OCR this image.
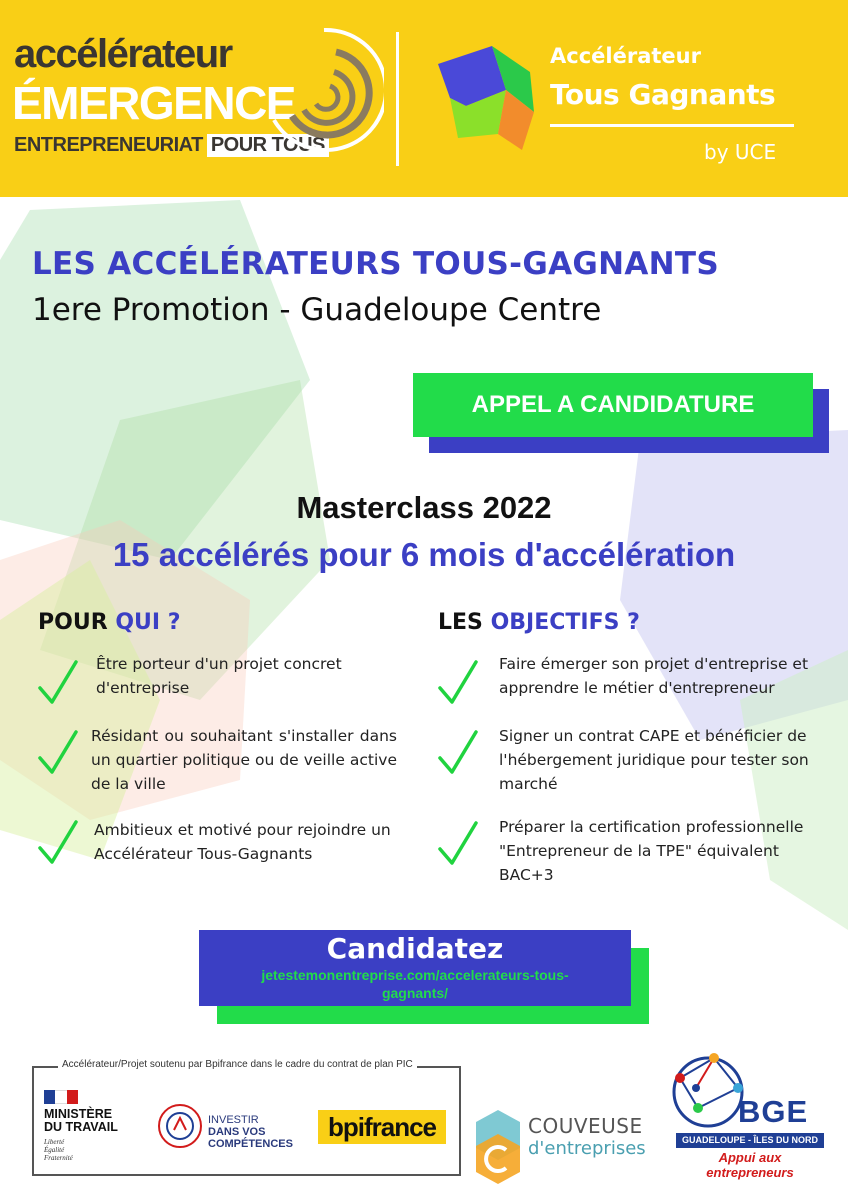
accélérateur
ÉMERGENCE
ENTREPRENEURIAT POUR TOUS
Accélérateur
Tous Gagnants
by UCE
LES ACCÉLÉRATEURS TOUS-GAGNANTS
1ere Promotion - Guadeloupe Centre
APPEL A CANDIDATURE
Masterclass 2022
15 accélérés pour 6 mois d'accélération
POUR QUI ?
Être porteur d'un projet concret d'entreprise
Résidant ou souhaitant s'installer dans un quartier politique ou de veille active de la ville
Ambitieux et motivé pour rejoindre un Accélérateur Tous-Gagnants
LES OBJECTIFS ?
Faire émerger son projet d'entreprise et apprendre le métier d'entrepreneur
Signer un contrat CAPE et bénéficier de l'hébergement juridique pour tester son marché
Préparer la certification professionnelle "Entrepreneur de la TPE" équivalent BAC+3
Candidatez
jetestemonentreprise.com/accelerateurs-tous-gagnants/
Accélérateur/Projet soutenu par Bpifrance dans le cadre du contrat de plan PIC
MINISTÈRE
DU TRAVAIL
Liberté
Égalité
Fraternité
INVESTIR
DANS VOS
COMPÉTENCES
bpifrance	COUVEUSE
d'entreprises
BGE
GUADELOUPE - ÎLES DU NORD
Appui aux entrepreneurs
